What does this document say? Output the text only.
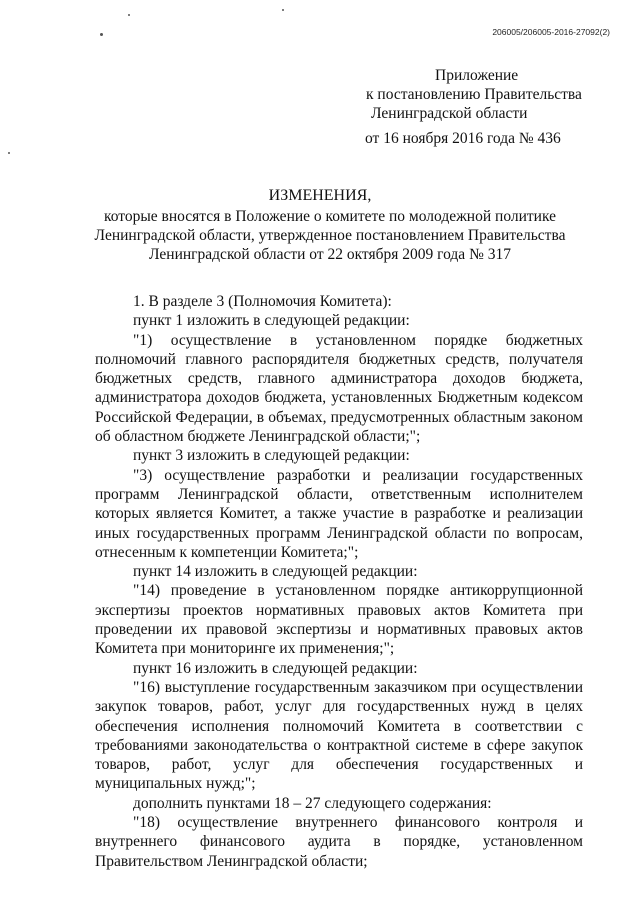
206005/206005-2016-27092(2)
Приложение
к постановлению Правительства
Ленинградской области
от 16 ноября 2016 года № 436
ИЗМЕНЕНИЯ,
которые вносятся в Положение о комитете по молодежной политике Ленинградской области, утвержденное постановлением Правительства Ленинградской области от 22 октября 2009 года № 317

1. В разделе 3 (Полномочия Комитета):

пункт 1 изложить в следующей редакции:

"1) осуществление в установленном порядке бюджетных полномочий главного распорядителя бюджетных средств, получателя бюджетных средств, главного администратора доходов бюджета, администратора доходов бюджета, установленных Бюджетным кодексом Российской Федерации, в объемах, предусмотренных областным законом об областном бюджете Ленинградской области;";

пункт 3 изложить в следующей редакции:

"3) осуществление разработки и реализации государственных программ Ленинградской области, ответственным исполнителем которых является Комитет, а также участие в разработке и реализации иных государственных программ Ленинградской области по вопросам, отнесенным к компетенции Комитета;";

пункт 14 изложить в следующей редакции:

"14) проведение в установленном порядке антикоррупционной экспертизы проектов нормативных правовых актов Комитета при проведении их правовой экспертизы и нормативных правовых актов Комитета при мониторинге их применения;";

пункт 16 изложить в следующей редакции:

"16) выступление государственным заказчиком при осуществлении закупок товаров, работ, услуг для государственных нужд в целях обеспечения исполнения полномочий Комитета в соответствии с требованиями законодательства о контрактной системе в сфере закупок товаров, работ, услуг для обеспечения государственных и муниципальных нужд;";

дополнить пунктами 18 – 27 следующего содержания:

"18) осуществление внутреннего финансового контроля и внутреннего финансового аудита в порядке, установленном Правительством Ленинградской области;
